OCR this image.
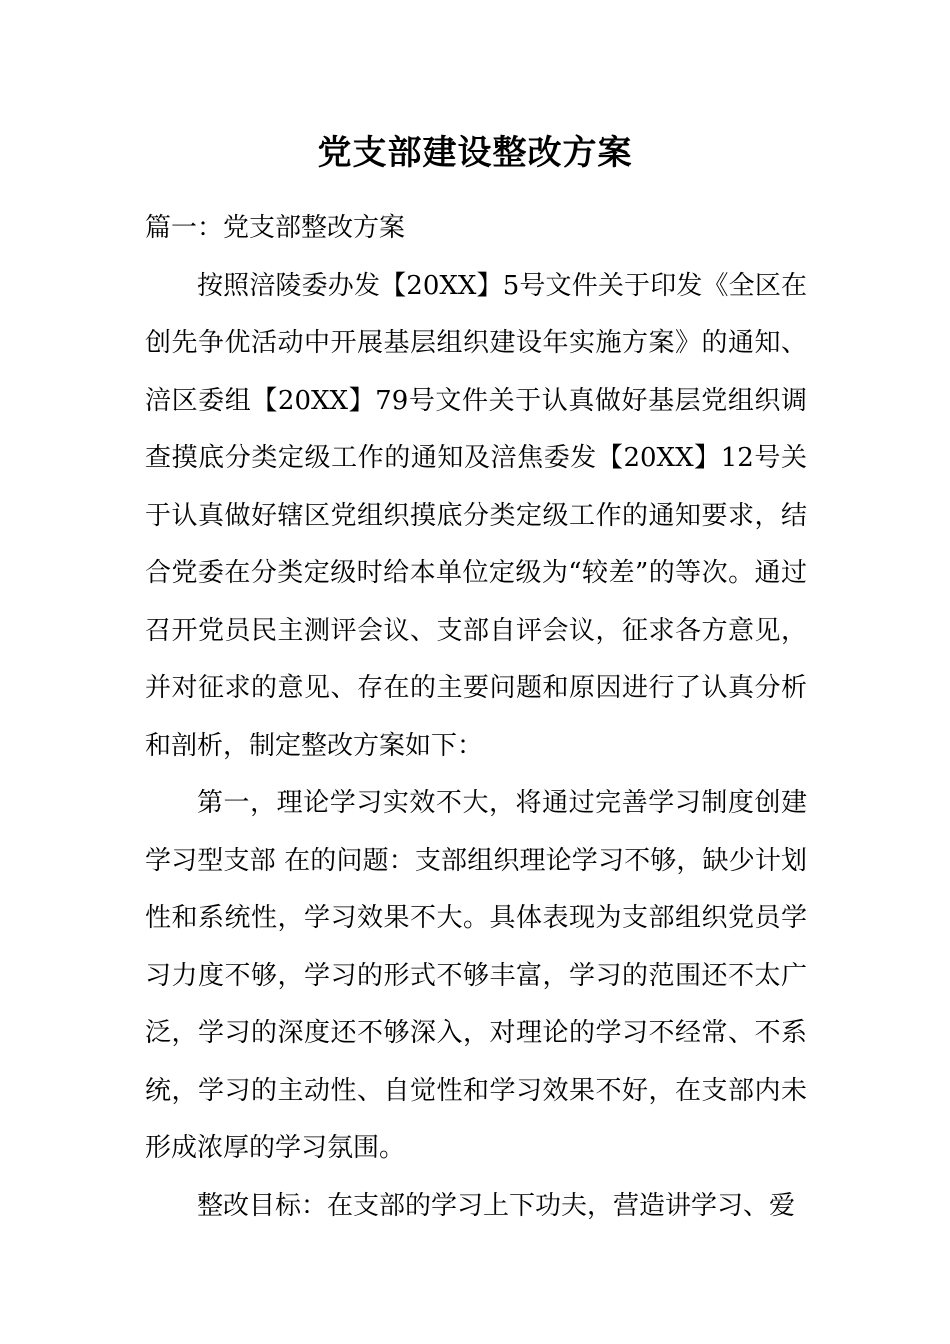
党支部建设整改方案

篇一：党支部整改方案

按照涪陵委办发【20XX】5号文件关于印发《全区在创先争优活动中开展基层组织建设年实施方案》的通知、涪区委组【20XX】79号文件关于认真做好基层党组织调查摸底分类定级工作的通知及涪焦委发【20XX】12号关于认真做好辖区党组织摸底分类定级工作的通知要求，结合党委在分类定级时给本单位定级为“较差”的等次。通过召开党员民主测评会议、支部自评会议，征求各方意见，并对征求的意见、存在的主要问题和原因进行了认真分析和剖析，制定整改方案如下：

第一，理论学习实效不大，将通过完善学习制度创建学习型支部 在的问题：支部组织理论学习不够，缺少计划性和系统性，学习效果不大。具体表现为支部组织党员学习力度不够，学习的形式不够丰富，学习的范围还不太广泛，学习的深度还不够深入，对理论的学习不经常、不系统，学习的主动性、自觉性和学习效果不好，在支部内未形成浓厚的学习氛围。

整改目标：在支部的学习上下功夫，营造讲学习、爱
